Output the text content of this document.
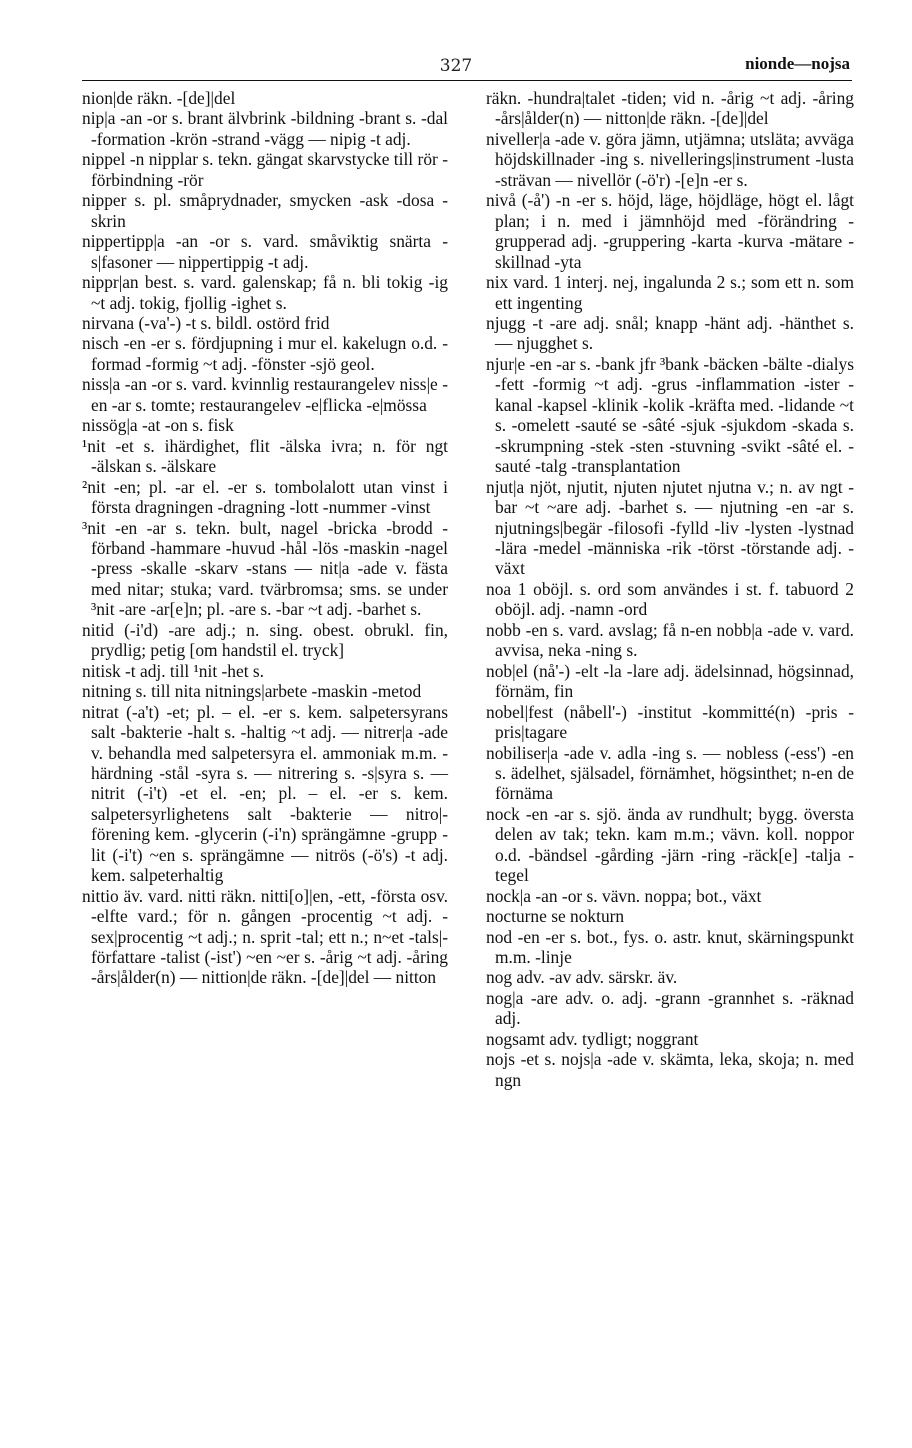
327	nionde—nojsa

nion|de räkn. -[de]|del

nip|a -an -or s. brant älvbrink -bildning -brant s. -dal -formation -krön -strand -vägg — nipig -t adj.

nippel -n nipplar s. tekn. gängat skarvstycke till rör -förbindning -rör

nipper s. pl. småprydnader, smycken -ask -dosa -skrin

nippertipp|a -an -or s. vard. småviktig snärta -s|fasoner — nippertippig -t adj.

nippr|an best. s. vard. galenskap; få n. bli tokig -ig ~t adj. tokig, fjollig -ighet s.

nirvana (-va'-) -t s. bildl. ostörd frid

nisch -en -er s. fördjupning i mur el. kakelugn o.d. -formad -formig ~t adj. -fönster -sjö geol.

niss|a -an -or s. vard. kvinnlig restaurangelev niss|e -en -ar s. tomte; restaurangelev -e|flicka -e|mössa

nissög|a -at -on s. fisk

¹nit -et s. ihärdighet, flit -älska ivra; n. för ngt -älskan s. -älskare

²nit -en; pl. -ar el. -er s. tombolalott utan vinst i första dragningen -dragning -lott -nummer -vinst

³nit -en -ar s. tekn. bult, nagel -bricka -brodd -förband -hammare -huvud -hål -lös -maskin -nagel -press -skalle -skarv -stans — nit|a -ade v. fästa med nitar; stuka; vard. tvärbromsa; sms. se under ³nit -are -ar[e]n; pl. -are s. -bar ~t adj. -barhet s.

nitid (-i'd) -are adj.; n. sing. obest. obrukl. fin, prydlig; petig [om handstil el. tryck]

nitisk -t adj. till ¹nit -het s.

nitning s. till nita nitnings|arbete -maskin -metod

nitrat (-a't) -et; pl. – el. -er s. kem. salpetersyrans salt -bakterie -halt s. -haltig ~t adj. — nitrer|a -ade v. behandla med salpetersyra el. ammoniak m.m. -härdning -stål -syra s. — nitrering s. -s|syra s. — nitrit (-i't) -et el. -en; pl. – el. -er s. kem. salpetersyrlighetens salt -bakterie — nitro|-förening kem. -glycerin (-i'n) sprängämne -grupp -lit (-i't) ~en s. sprängämne — nitrös (-ö's) -t adj. kem. salpeterhaltig

nittio äv. vard. nitti räkn. nitti[o]|en, -ett, -första osv. -elfte vard.; för n. gången -procentig ~t adj. -sex|procentig ~t adj.; n. sprit -tal; ett n.; n~et -tals|-författare -talist (-ist') ~en ~er s. -årig ~t adj. -åring -års|ålder(n) — nittion|de räkn. -[de]|del — nitton

räkn. -hundra|talet -tiden; vid n. -årig ~t adj. -åring -års|ålder(n) — nitton|de räkn. -[de]|del

niveller|a -ade v. göra jämn, utjämna; utsläta; avväga höjdskillnader -ing s. nivellerings|instrument -lusta -strävan — nivellör (-ö'r) -[e]n -er s.

nivå (-å') -n -er s. höjd, läge, höjdläge, högt el. lågt plan; i n. med i jämnhöjd med -förändring -grupperad adj. -gruppering -karta -kurva -mätare -skillnad -yta

nix vard. 1 interj. nej, ingalunda 2 s.; som ett n. som ett ingenting

njugg -t -are adj. snål; knapp -hänt adj. -hänthet s. — njugghet s.

njur|e -en -ar s. -bank jfr ³bank -bäcken -bälte -dialys -fett -formig ~t adj. -grus -inflammation -ister -kanal -kapsel -klinik -kolik -kräfta med. -lidande ~t s. -omelett -sauté se -sâté -sjuk -sjukdom -skada s. -skrumpning -stek -sten -stuvning -svikt -sâté el. -sauté -talg -transplantation

njut|a njöt, njutit, njuten njutet njutna v.; n. av ngt -bar ~t ~are adj. -barhet s. — njutning -en -ar s. njutnings|begär -filosofi -fylld -liv -lysten -lystnad -lära -medel -människa -rik -törst -törstande adj. -växt

noa 1 oböjl. s. ord som användes i st. f. tabuord 2 oböjl. adj. -namn -ord

nobb -en s. vard. avslag; få n-en nobb|a -ade v. vard. avvisa, neka -ning s.

nob|el (nå'-) -elt -la -lare adj. ädelsinnad, högsinnad, förnäm, fin

nobel|fest (nåbell'-) -institut -kommitté(n) -pris -pris|tagare

nobiliser|a -ade v. adla -ing s. — nobless (-ess') -en s. ädelhet, själsadel, förnämhet, högsinthet; n-en de förnäma

nock -en -ar s. sjö. ända av rundhult; bygg. översta delen av tak; tekn. kam m.m.; vävn. koll. noppor o.d. -bändsel -gårding -järn -ring -räck[e] -talja -tegel

nock|a -an -or s. vävn. noppa; bot., växt

nocturne se nokturn

nod -en -er s. bot., fys. o. astr. knut, skärningspunkt m.m. -linje

nog adv. -av adv. särskr. äv.

nog|a -are adv. o. adj. -grann -grannhet s. -räknad adj.

nogsamt adv. tydligt; noggrant

nojs -et s. nojs|a -ade v. skämta, leka, skoja; n. med ngn
